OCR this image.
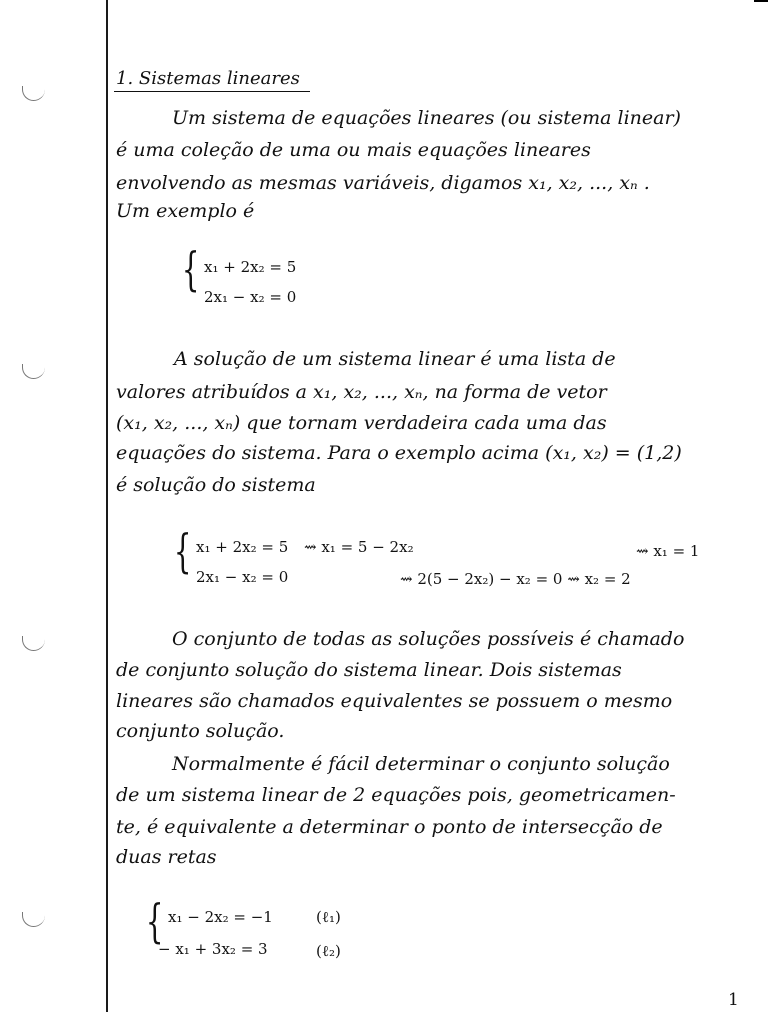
1. Sistemas lineares
Um sistema de equações lineares (ou sistema linear)
é uma coleção de uma ou mais equações lineares
envolvendo as mesmas variáveis, digamos x₁, x₂, ..., xₙ .
Um exemplo é
{ x₁ + 2x₂ = 5
2x₁ − x₂ = 0
A solução de um sistema linear é uma lista de
valores atribuídos a x₁, x₂, ..., xₙ, na forma de vetor
(x₁, x₂, ..., xₙ) que tornam verdadeira cada uma das
equações do sistema. Para o exemplo acima (x₁, x₂) = (1,2)
é solução do sistema
{ x₁ + 2x₂ = 5 ⇝ x₁ = 5 − 2x₂	⇝ x₁ = 1
2x₁ − x₂ = 0	⇝ 2(5 − 2x₂) − x₂ = 0 ⇝ x₂ = 2
O conjunto de todas as soluções possíveis é chamado
de conjunto solução do sistema linear. Dois sistemas
lineares são chamados equivalentes se possuem o mesmo
conjunto solução.
Normalmente é fácil determinar o conjunto solução
de um sistema linear de 2 equações pois, geometricamen-
te, é equivalente a determinar o ponto de intersecção de
duas retas
{ x₁ − 2x₂ = −1	(ℓ₁)
− x₁ + 3x₂ = 3	(ℓ₂)
1
